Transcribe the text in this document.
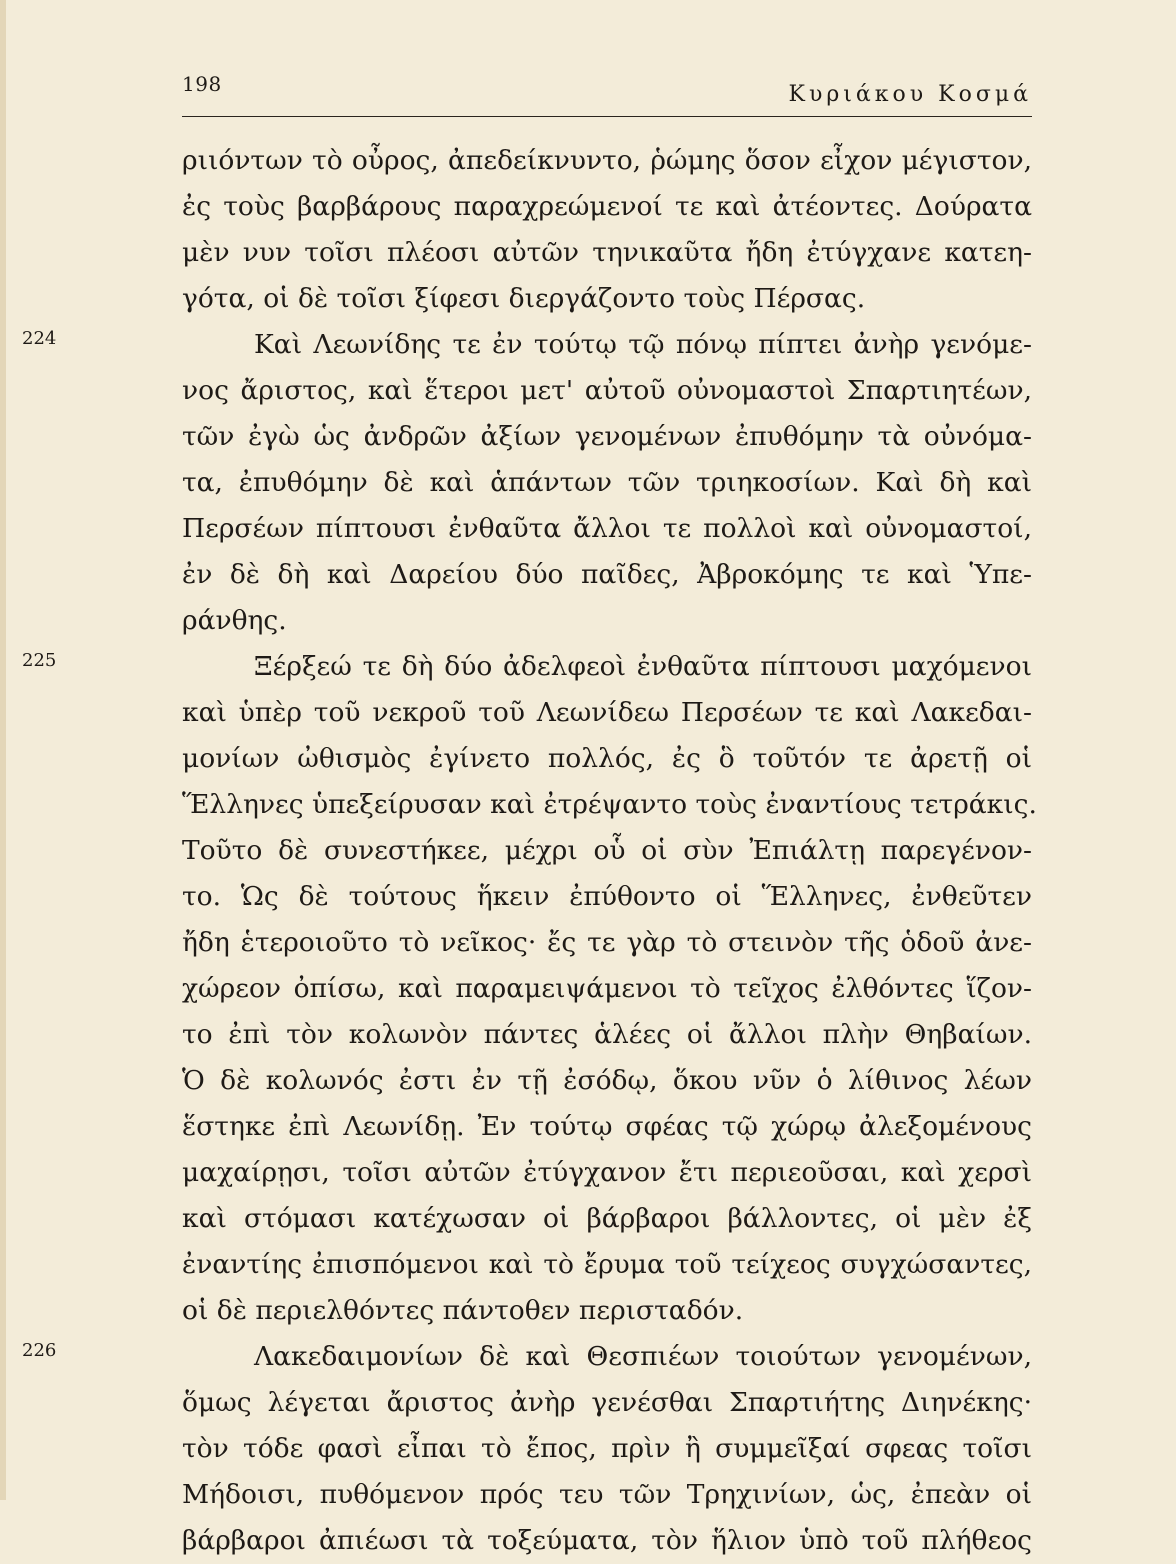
198	Κυριάκου Κοσμά
ριιόντων τὸ οὖρος, ἀπεδείκνυντο, ῥώμης ὅσον εἶχον μέγιστον,
ἐς τοὺς βαρβάρους παραχρεώμενοί τε καὶ ἀτέοντες. Δούρατα
μὲν νυν τοῖσι πλέοσι αὐτῶν τηνικαῦτα ἤδη ἐτύγχανε κατεη-
γότα, οἱ δὲ τοῖσι ξίφεσι διεργάζοντο τοὺς Πέρσας.
224	Καὶ Λεωνίδης τε ἐν τούτῳ τῷ πόνῳ πίπτει ἀνὴρ γενόμε-
νος ἄριστος, καὶ ἕτεροι μετ' αὐτοῦ οὐνομαστοὶ Σπαρτιητέων,
τῶν ἐγὼ ὡς ἀνδρῶν ἀξίων γενομένων ἐπυθόμην τὰ οὐνόμα-
τα, ἐπυθόμην δὲ καὶ ἁπάντων τῶν τριηκοσίων. Καὶ δὴ καὶ
Περσέων πίπτουσι ἐνθαῦτα ἄλλοι τε πολλοὶ καὶ οὐνομαστοί,
ἐν δὲ δὴ καὶ Δαρείου δύο παῖδες, Ἀβροκόμης τε καὶ Ὑπε-
ράνθης.
225	Ξέρξεώ τε δὴ δύο ἀδελφεοὶ ἐνθαῦτα πίπτουσι μαχόμενοι
καὶ ὑπὲρ τοῦ νεκροῦ τοῦ Λεωνίδεω Περσέων τε καὶ Λακεδαι-
μονίων ὠθισμὸς ἐγίνετο πολλός, ἐς ὃ τοῦτόν τε ἀρετῇ οἱ
Ἕλληνες ὑπεξείρυσαν καὶ ἐτρέψαντο τοὺς ἐναντίους τετράκις.
Τοῦτο δὲ συνεστήκεε, μέχρι οὗ οἱ σὺν Ἐπιάλτῃ παρεγένον-
το. Ὡς δὲ τούτους ἥκειν ἐπύθοντο οἱ Ἕλληνες, ἐνθεῦτεν
ἤδη ἑτεροιοῦτο τὸ νεῖκος· ἔς τε γὰρ τὸ στεινὸν τῆς ὁδοῦ ἀνε-
χώρεον ὀπίσω, καὶ παραμειψάμενοι τὸ τεῖχος ἐλθόντες ἵζον-
το ἐπὶ τὸν κολωνὸν πάντες ἁλέες οἱ ἄλλοι πλὴν Θηβαίων.
Ὁ δὲ κολωνός ἐστι ἐν τῇ ἐσόδῳ, ὅκου νῦν ὁ λίθινος λέων
ἕστηκε ἐπὶ Λεωνίδῃ. Ἐν τούτῳ σφέας τῷ χώρῳ ἀλεξομένους
μαχαίρῃσι, τοῖσι αὐτῶν ἐτύγχανον ἔτι περιεοῦσαι, καὶ χερσὶ
καὶ στόμασι κατέχωσαν οἱ βάρβαροι βάλλοντες, οἱ μὲν ἐξ
ἐναντίης ἐπισπόμενοι καὶ τὸ ἔρυμα τοῦ τείχεος συγχώσαντες,
οἱ δὲ περιελθόντες πάντοθεν περισταδόν.
226	Λακεδαιμονίων δὲ καὶ Θεσπιέων τοιούτων γενομένων,
ὅμως λέγεται ἄριστος ἀνὴρ γενέσθαι Σπαρτιήτης Διηνέκης·
τὸν τόδε φασὶ εἶπαι τὸ ἔπος, πρὶν ἢ συμμεῖξαί σφεας τοῖσι
Μήδοισι, πυθόμενον πρός τευ τῶν Τρηχινίων, ὡς, ἐπεὰν οἱ
βάρβαροι ἀπιέωσι τὰ τοξεύματα, τὸν ἥλιον ὑπὸ τοῦ πλήθεος
